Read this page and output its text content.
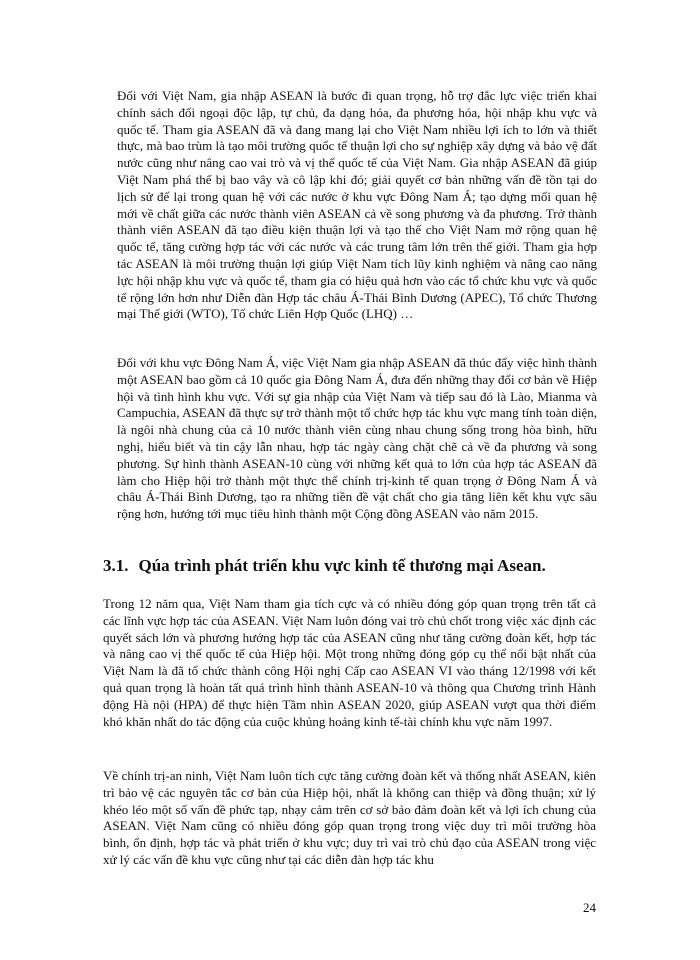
Đối với Việt Nam, gia nhập ASEAN là bước đi quan trọng, hỗ trợ đắc lực việc triển khai chính sách đối ngoại độc lập, tự chủ, đa dạng hóa, đa phương hóa, hội nhập khu vực và quốc tế. Tham gia ASEAN đã và đang mang lại cho Việt Nam nhiều lợi ích to lớn và thiết thực, mà bao trùm là tạo môi trường quốc tế thuận lợi cho sự nghiệp xây dựng và bảo vệ đất nước cũng như nâng cao vai trò và vị thế quốc tế của Việt Nam. Gia nhập ASEAN đã giúp Việt Nam phá thế bị bao vây và cô lập khi đó; giải quyết cơ bản những vấn đề tồn tại do lịch sử để lại trong quan hệ với các nước ở khu vực Đông Nam Á; tạo dựng mối quan hệ mới về chất giữa các nước thành viên ASEAN cả về song phương và đa phương. Trở thành thành viên ASEAN đã tạo điều kiện thuận lợi và tạo thế cho Việt Nam mở rộng quan hệ quốc tế, tăng cường hợp tác với các nước và các trung tâm lớn trên thế giới. Tham gia hợp tác ASEAN là môi trường thuận lợi giúp Việt Nam tích lũy kinh nghiệm và nâng cao năng lực hội nhập khu vực và quốc tế, tham gia có hiệu quả hơn vào các tổ chức khu vực và quốc tế rộng lớn hơn như Diễn đàn Hợp tác châu Á-Thái Bình Dương (APEC), Tổ chức Thương mại Thế giới (WTO), Tổ chức Liên Hợp Quốc (LHQ) …

Đối với khu vực Đông Nam Á, việc Việt Nam gia nhập ASEAN đã thúc đẩy việc hình thành một ASEAN bao gồm cả 10 quốc gia Đông Nam Á, đưa đến những thay đổi cơ bản về Hiệp hội và tình hình khu vực. Với sự gia nhập của Việt Nam và tiếp sau đó là Lào, Mianma và Campuchia, ASEAN đã thực sự trở thành một tổ chức hợp tác khu vực mang tính toàn diện, là ngôi nhà chung của cả 10 nước thành viên cùng nhau chung sống trong hòa bình, hữu nghị, hiểu biết và tin cậy lẫn nhau, hợp tác ngày càng chặt chẽ cả về đa phương và song phương. Sự hình thành ASEAN-10 cùng với những kết quả to lớn của hợp tác ASEAN đã làm cho Hiệp hội trở thành một thực thể chính trị-kinh tế quan trọng ở Đông Nam Á và châu Á-Thái Bình Dương, tạo ra những tiền đề vật chất cho gia tăng liên kết khu vực sâu rộng hơn, hướng tới mục tiêu hình thành một Cộng đồng ASEAN vào năm 2015.

3.1. Qúa trình phát triển khu vực kinh tế thương mại Asean.

Trong 12 năm qua, Việt Nam tham gia tích cực và có nhiều đóng góp quan trọng trên tất cả các lĩnh vực hợp tác của ASEAN. Việt Nam luôn đóng vai trò chủ chốt trong việc xác định các quyết sách lớn và phương hướng hợp tác của ASEAN cũng như tăng cường đoàn kết, hợp tác và nâng cao vị thế quốc tế của Hiệp hội. Một trong những đóng góp cụ thể nổi bật nhất của Việt Nam là đã tổ chức thành công Hội nghị Cấp cao ASEAN VI vào tháng 12/1998 với kết quả quan trọng là hoàn tất quá trình hình thành ASEAN-10 và thông qua Chương trình Hành động Hà nội (HPA) để thực hiện Tầm nhìn ASEAN 2020, giúp ASEAN vượt qua thời điểm khó khăn nhất do tác động của cuộc khủng hoảng kinh tế-tài chính khu vực năm 1997.

Về chính trị-an ninh, Việt Nam luôn tích cực tăng cường đoàn kết và thống nhất ASEAN, kiên trì bảo vệ các nguyên tắc cơ bản của Hiệp hội, nhất là không can thiệp và đồng thuận; xử lý khéo léo một số vấn đề phức tạp, nhạy cảm trên cơ sở bảo đảm đoàn kết và lợi ích chung của ASEAN. Việt Nam cũng có nhiều đóng góp quan trọng trong việc duy trì môi trường hòa bình, ổn định, hợp tác và phát triển ở khu vực; duy trì vai trò chủ đạo của ASEAN trong việc xử lý các vấn đề khu vực cũng như tại các diễn đàn hợp tác khu

24
